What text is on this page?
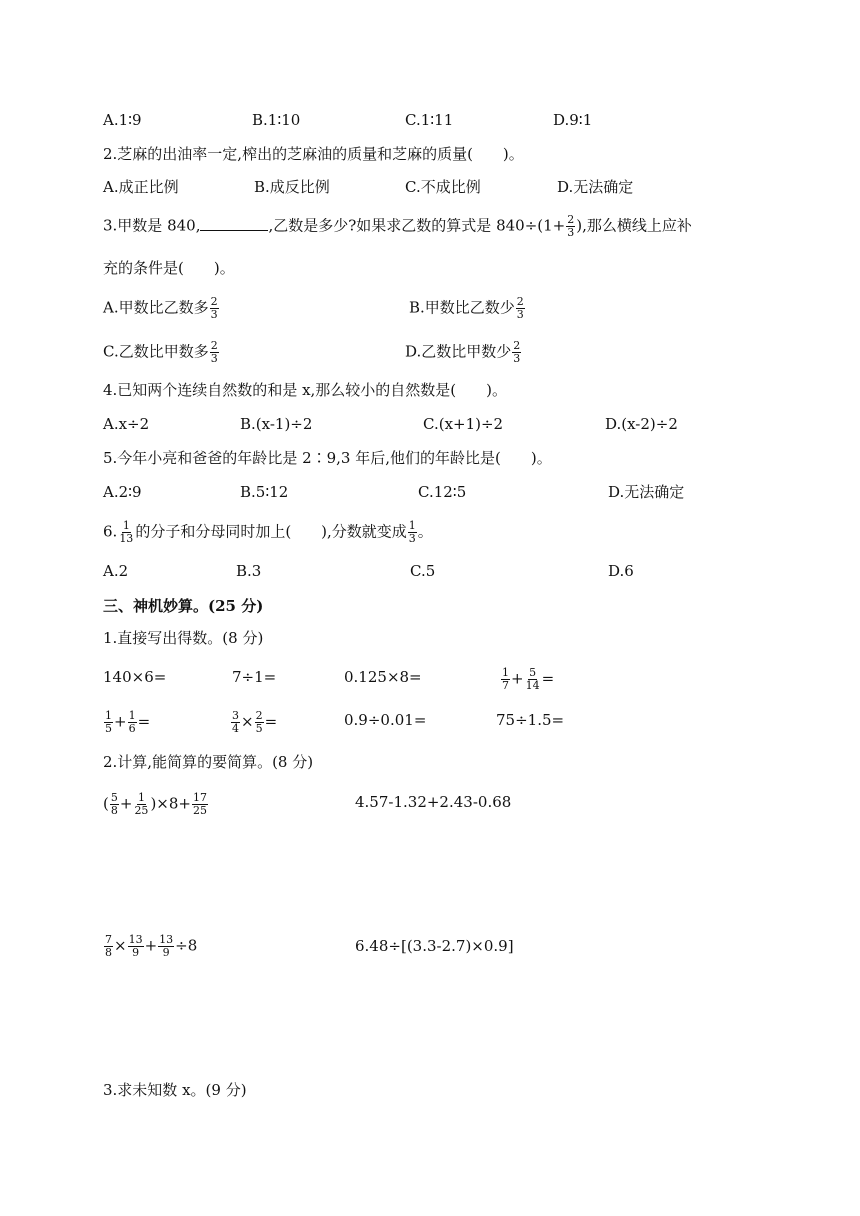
A.1∶9	B.1∶10	C.1∶11	D.9∶1
2.芝麻的出油率一定,榨出的芝麻油的质量和芝麻的质量(　　)。
A.成正比例	B.成反比例	C.不成比例	D.无法确定
3.甲数是 840,	,乙数是多少?如果求乙数的算式是 $840\div(1+ \frac{2}{3}$ ),那么横线上应补
充的条件是(　　)。
A.甲数比乙数多 $\frac{2}{3}$	B.甲数比乙数少 $\frac{2}{3}$
C.乙数比甲数多 $\frac{2}{3}$	D.乙数比甲数少 $\frac{2}{3}$
4.已知两个连续自然数的和是 x,那么较小的自然数是(　　)。
A.x÷2	B.(x-1)÷2	C.(x+1)÷2	D.(x-2)÷2
5.今年小亮和爸爸的年龄比是 2∶9,3 年后,他们的年龄比是(　　)。
A.2∶9	B.5∶12	C.12∶5	D.无法确定
6. $\frac{1}{13}$ 的分子和分母同时加上(　　),分数就变成 $\frac{1}{3}$ 。
A.2	B.3	C.5	D.6
三、神机妙算。(25 分)
1.直接写出得数。(8 分)
140×6=	7÷1=	0.125×8=	$\frac{1}{7} + \frac{5}{14}$ =
$\frac{1}{5} + \frac{1}{6}$ =	$\frac{3}{4} \times \frac{2}{5}$ =	0.9÷0.01=	75÷1.5=
2.计算,能简算的要简算。(8 分)
( $\frac{5}{8} + \frac{1}{25} )\times 8+ \frac{17}{25}$	4.57-1.32+2.43-0.68
$\frac{7}{8} \times \frac{13}{9} + \frac{13}{9} \div 8$	6.48÷[(3.3-2.7)×0.9]
3.求未知数 x。(9 分)
